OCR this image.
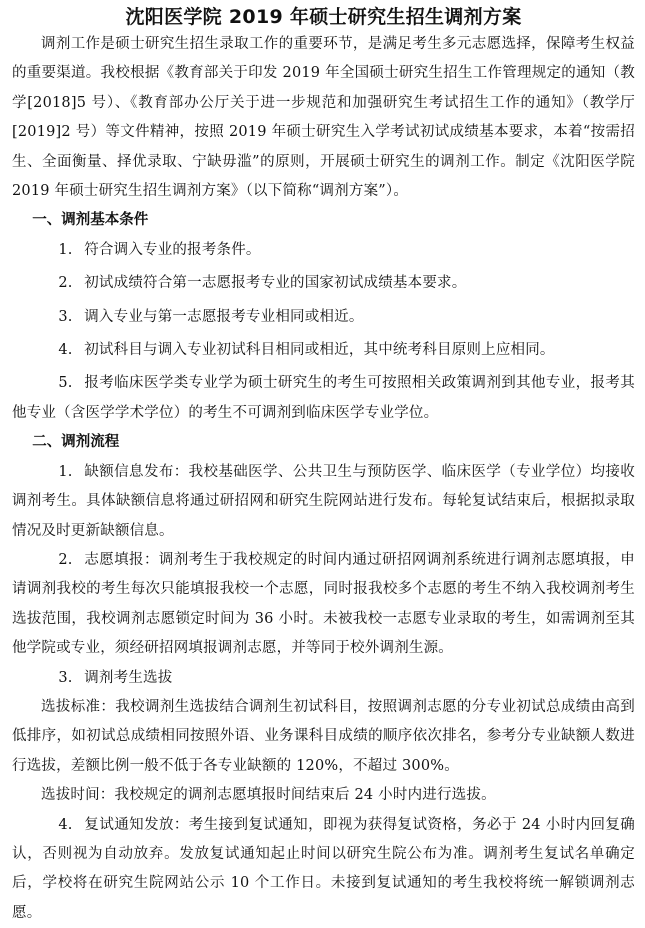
沈阳医学院 2019 年硕士研究生招生调剂方案

调剂工作是硕士研究生招生录取工作的重要环节，是满足考生多元志愿选择，保障考生权益的重要渠道。我校根据《教育部关于印发 2019 年全国硕士研究生招生工作管理规定的通知（教学[2018]5 号）、《教育部办公厅关于进一步规范和加强研究生考试招生工作的通知》（教学厅[2019]2 号）等文件精神，按照 2019 年硕士研究生入学考试初试成绩基本要求，本着“按需招生、全面衡量、择优录取、宁缺毋滥”的原则，开展硕士研究生的调剂工作。制定《沈阳医学院 2019 年硕士研究生招生调剂方案》（以下简称“调剂方案”）。

一、调剂基本条件

1. 符合调入专业的报考条件。

2. 初试成绩符合第一志愿报考专业的国家初试成绩基本要求。

3. 调入专业与第一志愿报考专业相同或相近。

4. 初试科目与调入专业初试科目相同或相近，其中统考科目原则上应相同。

5. 报考临床医学类专业学为硕士研究生的考生可按照相关政策调剂到其他专业，报考其他专业（含医学学术学位）的考生不可调剂到临床医学专业学位。

二、调剂流程

1. 缺额信息发布：我校基础医学、公共卫生与预防医学、临床医学（专业学位）均接收调剂考生。具体缺额信息将通过研招网和研究生院网站进行发布。每轮复试结束后，根据拟录取情况及时更新缺额信息。

2. 志愿填报：调剂考生于我校规定的时间内通过研招网调剂系统进行调剂志愿填报，申请调剂我校的考生每次只能填报我校一个志愿，同时报我校多个志愿的考生不纳入我校调剂考生选拔范围，我校调剂志愿锁定时间为 36 小时。未被我校一志愿专业录取的考生，如需调剂至其他学院或专业，须经研招网填报调剂志愿，并等同于校外调剂生源。

3. 调剂考生选拔

选拔标准：我校调剂生选拔结合调剂生初试科目，按照调剂志愿的分专业初试总成绩由高到低排序，如初试总成绩相同按照外语、业务课科目成绩的顺序依次排名，参考分专业缺额人数进行选拔，差额比例一般不低于各专业缺额的 120%，不超过 300%。

选拔时间：我校规定的调剂志愿填报时间结束后 24 小时内进行选拔。

4. 复试通知发放：考生接到复试通知，即视为获得复试资格，务必于 24 小时内回复确认，否则视为自动放弃。发放复试通知起止时间以研究生院公布为准。调剂考生复试名单确定后，学校将在研究生院网站公示 10 个工作日。未接到复试通知的考生我校将统一解锁调剂志愿。
